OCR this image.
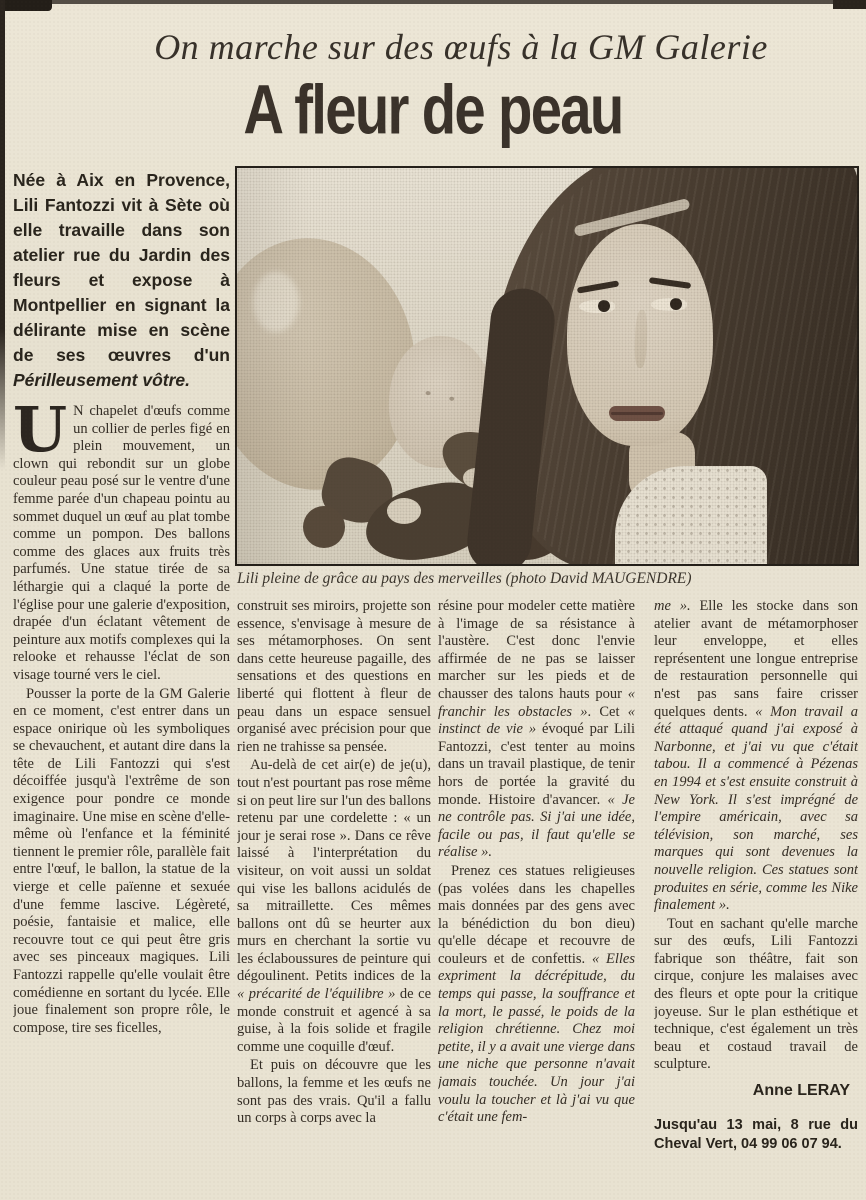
On marche sur des œufs à la GM Galerie
A fleur de peau

Née à Aix en Provence, Lili Fantozzi vit à Sète où elle travaille dans son atelier rue du Jardin des fleurs et expose à Montpellier en signant la délirante mise en scène de ses œuvres d'un Périlleusement vôtre.

U N chapelet d'œufs comme un collier de perles figé en plein mouvement, un clown qui rebondit sur un globe couleur peau posé sur le ventre d'une femme parée d'un chapeau pointu au sommet duquel un œuf au plat tombe comme un pompon. Des ballons comme des glaces aux fruits très parfumés. Une statue tirée de sa léthargie qui a claqué la porte de l'église pour une galerie d'exposition, drapée d'un éclatant vêtement de peinture aux motifs complexes qui la relooke et rehausse l'éclat de son visage tourné vers le ciel.

Pousser la porte de la GM Galerie en ce moment, c'est entrer dans un espace onirique où les symboliques se chevauchent, et autant dire dans la tête de Lili Fantozzi qui s'est décoiffée jusqu'à l'extrême de son exigence pour pondre ce monde imaginaire. Une mise en scène d'elle-même où l'enfance et la féminité tiennent le premier rôle, parallèle fait entre l'œuf, le ballon, la statue de la vierge et celle païenne et sexuée d'une femme lascive. Légèreté, poésie, fantaisie et malice, elle recouvre tout ce qui peut être gris avec ses pinceaux magiques. Lili Fantozzi rappelle qu'elle voulait être comédienne en sortant du lycée. Elle joue finalement son propre rôle, le compose, tire ses ficelles,

Lili pleine de grâce au pays des merveilles (photo David MAUGENDRE)

construit ses miroirs, projette son essence, s'envisage à mesure de ses métamorphoses. On sent dans cette heureuse pagaille, des sensations et des questions en liberté qui flottent à fleur de peau dans un espace sensuel organisé avec précision pour que rien ne trahisse sa pensée.

Au-delà de cet air(e) de je(u), tout n'est pourtant pas rose même si on peut lire sur l'un des ballons retenu par une cordelette : « un jour je serai rose ». Dans ce rêve laissé à l'interprétation du visiteur, on voit aussi un soldat qui vise les ballons acidulés de sa mitraillette. Ces mêmes ballons ont dû se heurter aux murs en cherchant la sortie vu les éclaboussures de peinture qui dégoulinent. Petits indices de la « précarité de l'équilibre » de ce monde construit et agencé à sa guise, à la fois solide et fragile comme une coquille d'œuf.

Et puis on découvre que les ballons, la femme et les œufs ne sont pas des vrais. Qu'il a fallu un corps à corps avec la

résine pour modeler cette matière à l'image de sa résistance à l'austère. C'est donc l'envie affirmée de ne pas se laisser marcher sur les pieds et de chausser des talons hauts pour « franchir les obstacles ». Cet « instinct de vie » évoqué par Lili Fantozzi, c'est tenter au moins dans un travail plastique, de tenir hors de portée la gravité du monde. Histoire d'avancer. « Je ne contrôle pas. Si j'ai une idée, facile ou pas, il faut qu'elle se réalise ».

Prenez ces statues religieuses (pas volées dans les chapelles mais données par des gens avec la bénédiction du bon dieu) qu'elle décape et recouvre de couleurs et de confettis. « Elles expriment la décrépitude, du temps qui passe, la souffrance et la mort, le passé, le poids de la religion chrétienne. Chez moi petite, il y a avait une vierge dans une niche que personne n'avait jamais touchée. Un jour j'ai voulu la toucher et là j'ai vu que c'était une fem-

me ». Elle les stocke dans son atelier avant de métamorphoser leur enveloppe, et elles représentent une longue entreprise de restauration personnelle qui n'est pas sans faire crisser quelques dents. « Mon travail a été attaqué quand j'ai exposé à Narbonne, et j'ai vu que c'était tabou. Il a commencé à Pézenas en 1994 et s'est ensuite construit à New York. Il s'est imprégné de l'empire américain, avec sa télévision, son marché, ses marques qui sont devenues la nouvelle religion. Ces statues sont produites en série, comme les Nike finalement ».

Tout en sachant qu'elle marche sur des œufs, Lili Fantozzi fabrique son théâtre, fait son cirque, conjure les malaises avec des fleurs et opte pour la critique joyeuse. Sur le plan esthétique et technique, c'est également un très beau et costaud travail de sculpture.

Anne LERAY
Jusqu'au 13 mai, 8 rue du Cheval Vert, 04 99 06 07 94.
